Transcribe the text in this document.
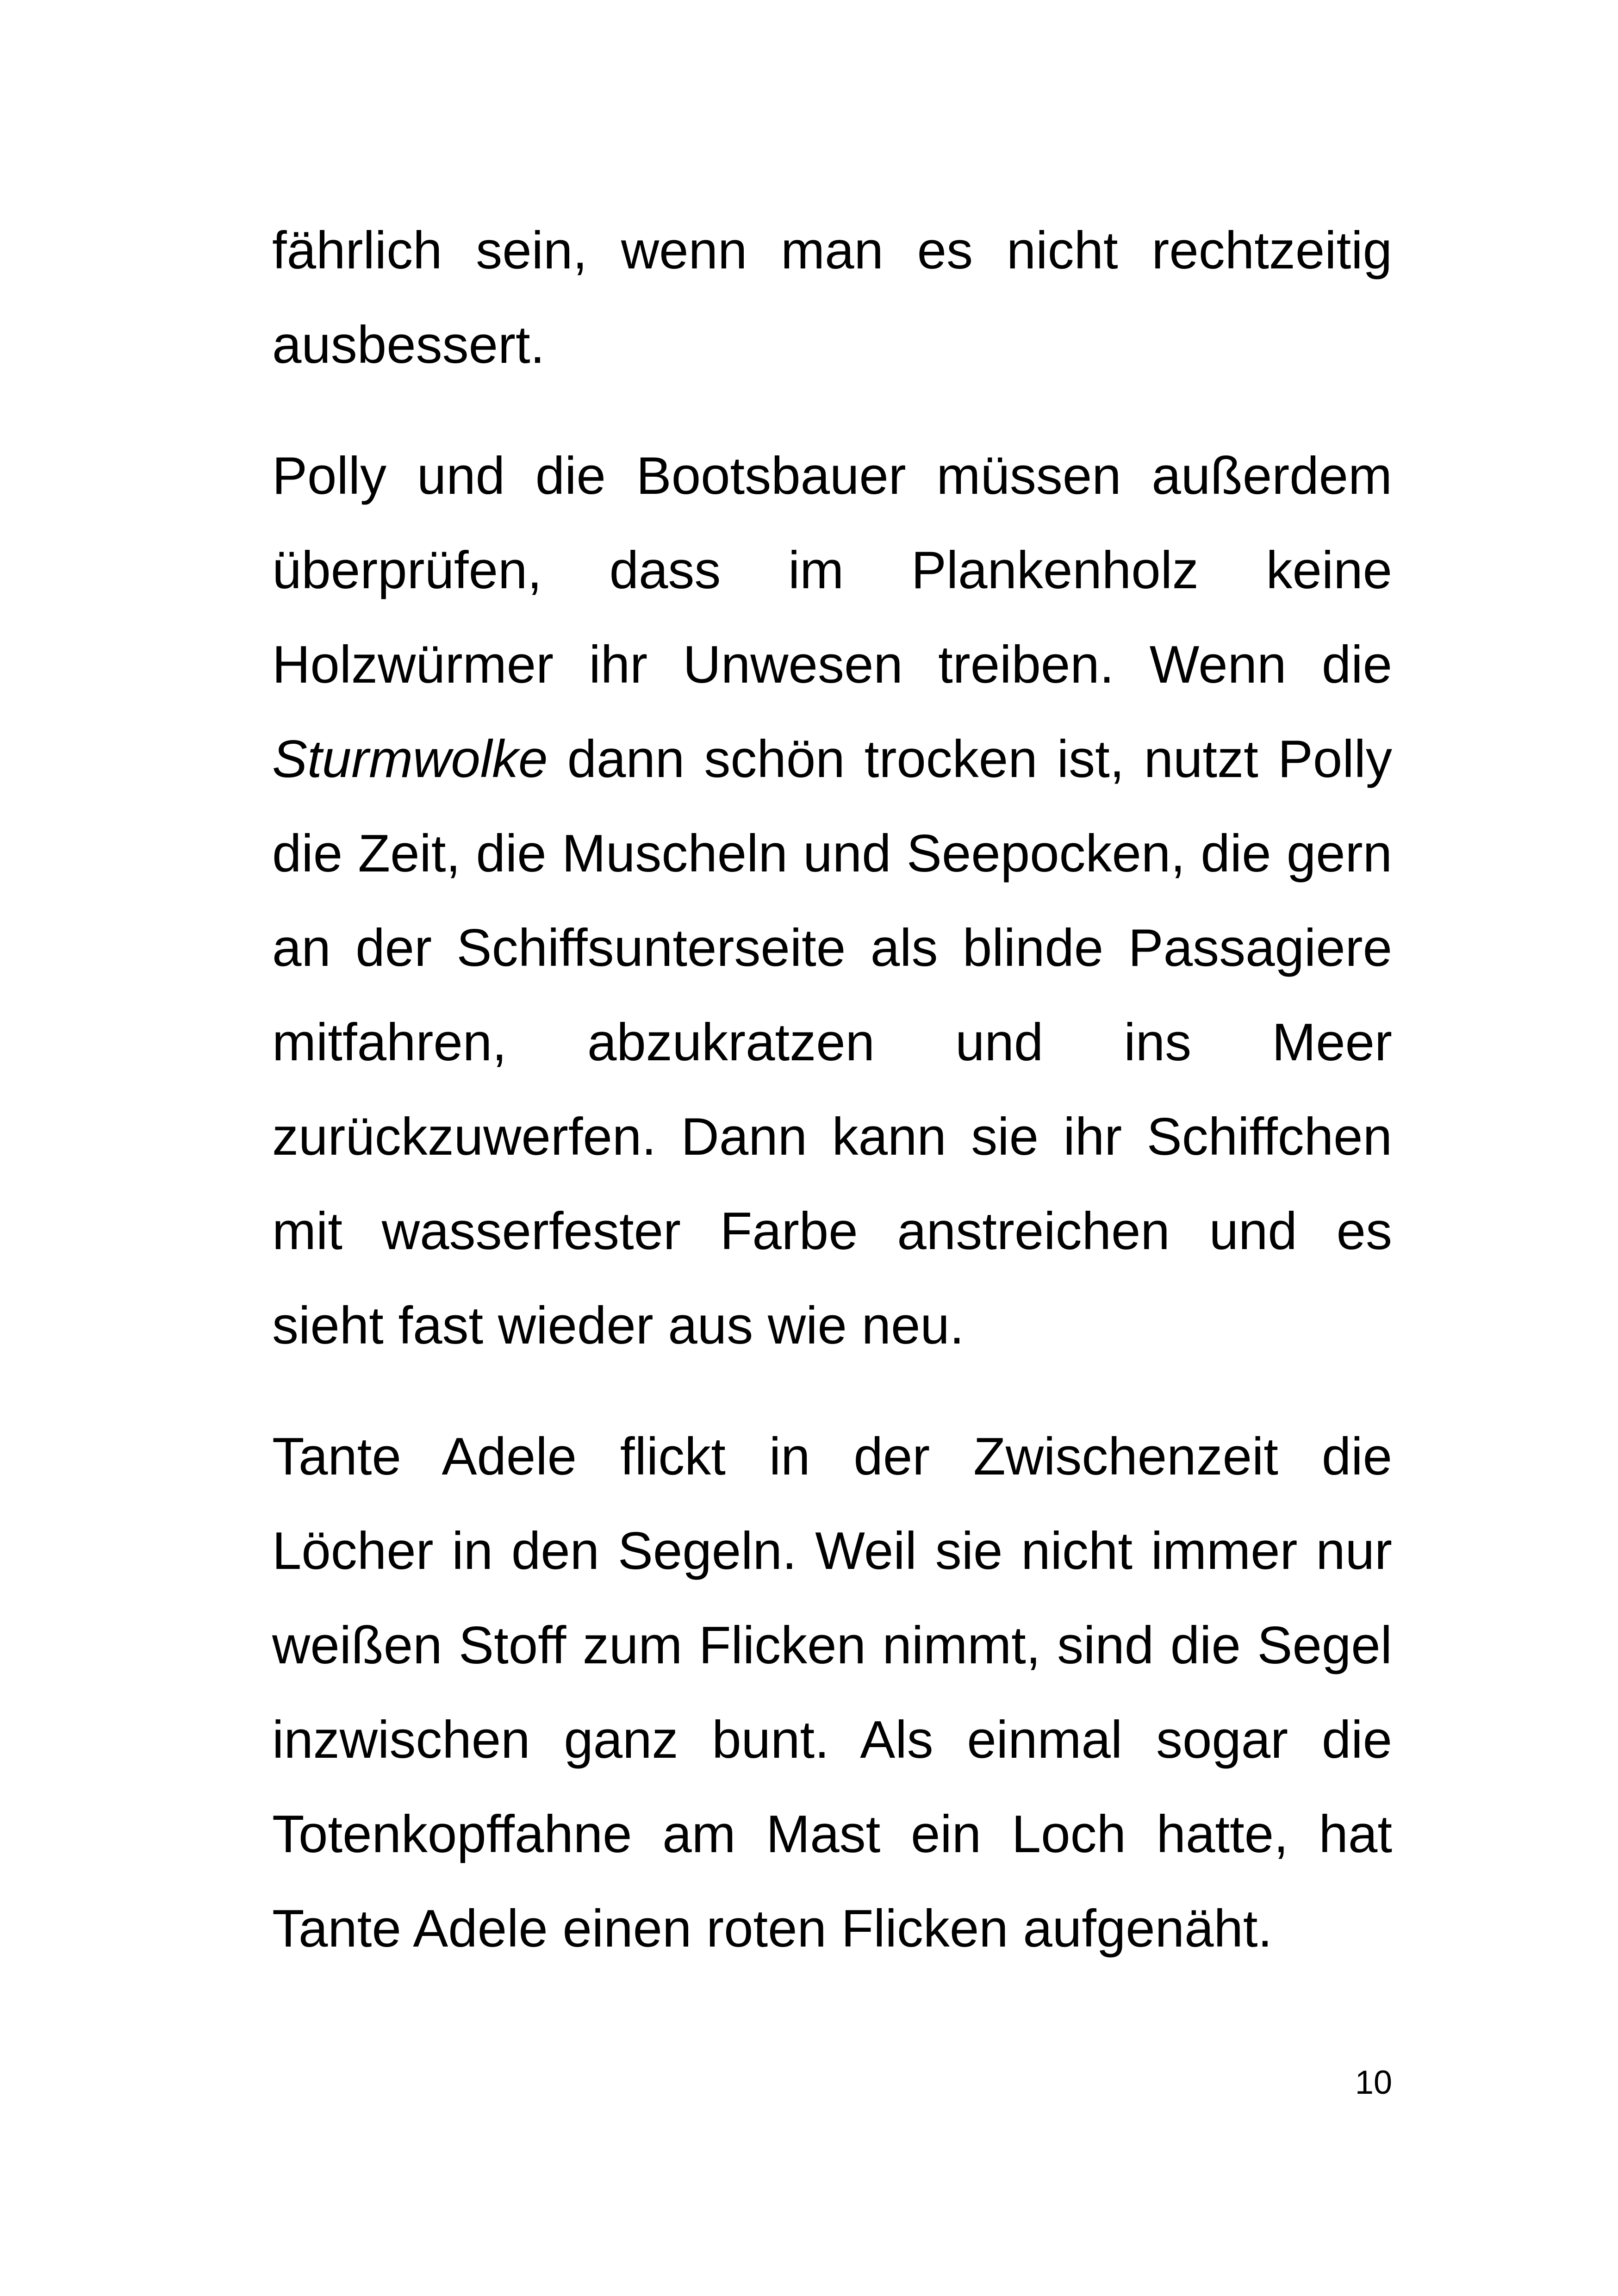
fährlich sein, wenn man es nicht rechtzeitig ausbessert.

Polly und die Bootsbauer müssen außerdem überprüfen, dass im Plankenholz keine Holzwürmer ihr Unwesen treiben. Wenn die Sturmwolke dann schön trocken ist, nutzt Polly die Zeit, die Muscheln und Seepocken, die gern an der Schiffsunterseite als blinde Passagiere mitfahren, abzukratzen und ins Meer zurückzuwerfen. Dann kann sie ihr Schiffchen mit wasserfester Farbe anstreichen und es sieht fast wieder aus wie neu.

Tante Adele flickt in der Zwischenzeit die Löcher in den Segeln. Weil sie nicht immer nur weißen Stoff zum Flicken nimmt, sind die Segel inzwischen ganz bunt. Als einmal sogar die Totenkopffahne am Mast ein Loch hatte, hat Tante Adele einen roten Flicken aufgenäht.

10
